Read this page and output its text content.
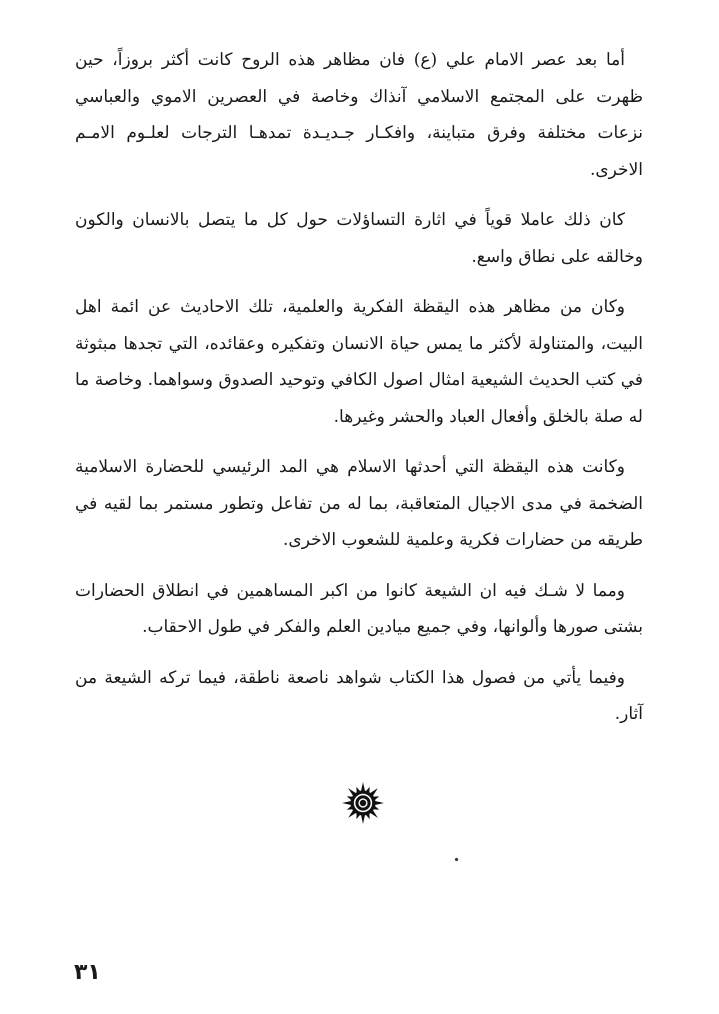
أما بعد عصر الامام علي (ع) فان مظاهر هذه الروح كانت أكثر بروزاً، حين ظهرت على المجتمع الاسلامي آنذاك وخاصة في العصرين الاموي والعباسي نزعات مختلفة وفرق متباينة، وافكـار جـديـدة تمدهـا الترجات لعلـوم الامـم الاخرى.

كان ذلك عاملا قوياً في اثارة التساؤلات حول كل ما يتصل بالانسان والكون وخالقه على نطاق واسع.

وكان من مظاهر هذه اليقظة الفكرية والعلمية، تلك الاحاديث عن ائمة اهل البيت، والمتناولة لأكثر ما يمس حياة الانسان وتفكيره وعقائده، التي تجدها مبثوثة في كتب الحديث الشيعية امثال اصول الكافي وتوحيد الصدوق وسواهما. وخاصة ما له صلة بالخلق وأفعال العباد والحشر وغيرها.

وكانت هذه اليقظة التي أحدثها الاسلام هي المد الرئيسي للحضارة الاسلامية الضخمة في مدى الاجيال المتعاقبة، بما له من تفاعل وتطور مستمر بما لقيه في طريقه من حضارات فكرية وعلمية للشعوب الاخرى.

ومما لا شـك فيه ان الشيعة كانوا من اكبر المساهمين في انطلاق الحضارات بشتى صورها وألوانها، وفي جميع ميادين العلم والفكر في طول الاحقاب.

وفيما يأتي من فصول هذا الكتاب شواهد ناصعة ناطقة، فيما تركه الشيعة من آثار.

٣١
